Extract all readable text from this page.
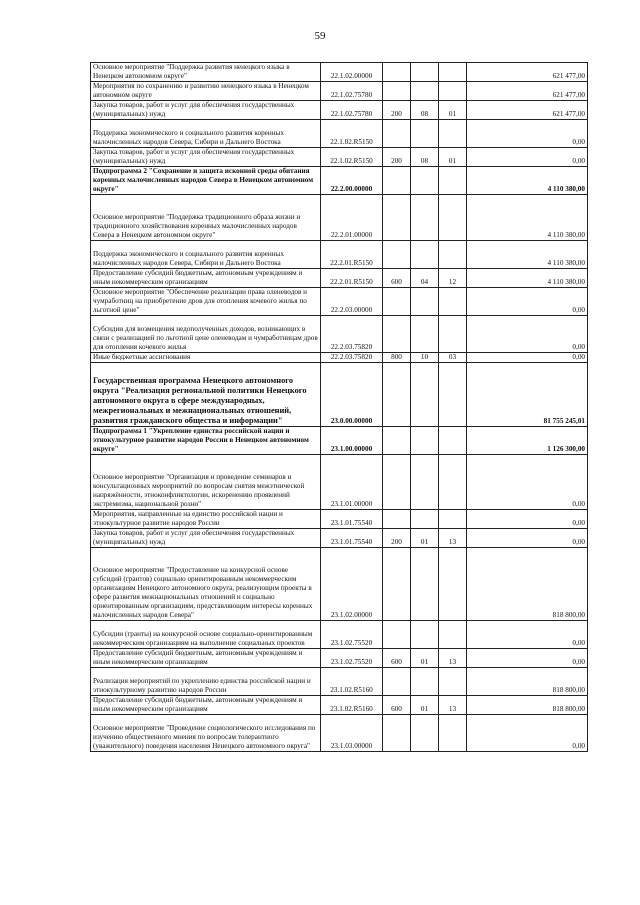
59
Основное мероприятие "Поддержка развития ненецкого языка в Ненецком автономном округе"	22.1.02.00000				621 477,00
Мероприятия по сохранению и развитию ненецкого языка в Ненецком автономном округе	22.1.02.75780				621 477,00
Закупка товаров, работ и услуг для обеспечения государственных (муниципальных) нужд	22.1.02.75780	200	08	01	621 477,00
Поддержка экономического и социального развития коренных малочисленных народов Севера, Сибири и Дальнего Востока	22.1.02.R5150				0,00
Закупка товаров, работ и услуг для обеспечения государственных (муниципальных) нужд	22.1.02.R5150	200	08	01	0,00
Подпрограмма 2 "Сохранение и защита исконной среды обитания коренных малочисленных народов Севера в Ненецком автономном округе"	22.2.00.00000				4 110 380,00
Основное мероприятие "Поддержка традиционного образа жизни и традиционного хозяйствования коренных малочисленных народов Севера в Ненецком автономном округе"	22.2.01.00000				4 110 380,00
Поддержка экономического и социального развития коренных малочисленных народов Севера, Сибири и Дальнего Востока	22.2.01.R5150				4 110 380,00
Предоставление субсидий бюджетным, автономным учреждениям и иным некоммерческим организациям	22.2.01.R5150	600	04	12	4 110 380,00
Основное мероприятие "Обеспечение реализации права оленеводов и чумработниц на приобретение дров для отопления кочевого жилья по льготной цене"	22.2.03.00000				0,00
Субсидии для возмещения недополученных доходов, возникающих в связи с реализацией по льготной цене оленеводам и чумработницам дров для отопления кочевого жилья	22.2.03.75820				0,00
Иные бюджетные ассигнования	22.2.03.75820	800	10	03	0,00
Государственная программа Ненецкого автономного округа "Реализация региональной политики Ненецкого автономного округа в сфере международных, межрегиональных и межнациональных отношений, развития гражданского общества и информации"	23.0.00.00000				81 755 245,01
Подпрограмма 1 "Укрепление единства российской нации и этнокультурное развитие народов России в Ненецком автономном округе"	23.1.00.00000				1 126 300,00
Основное мероприятие "Организация и проведение семинаров и консультационных мероприятий по вопросам снятия межэтнической напряжённости, этноконфликтологии, искоренению проявлений экстремизма, национальной розни"	23.1.01.00000				0,00
Мероприятия, направленные на единство российской нации и этнокультурное развитие народов России	23.1.01.75540				0,00
Закупка товаров, работ и услуг для обеспечения государственных (муниципальных) нужд	23.1.01.75540	200	01	13	0,00
Основное мероприятие "Предоставление на конкурсной основе субсидий (грантов) социально ориентированным некоммерческим организациям Ненецкого автономного округа, реализующим проекты в сфере развития межнациональных отношений и социально ориентированным организациям, представляющим интересы коренных малочисленных народов Севера"	23.1.02.00000				818 800,00
Субсидии (гранты) на конкурсной основе социально-ориентированным некоммерческим организациям на выполнение социальных проектов	23.1.02.75520				0,00
Предоставление субсидий бюджетным, автономным учреждениям и иным некоммерческим организациям	23.1.02.75520	600	01	13	0,00
Реализация мероприятий по укреплению единства российской нации и этнокультурному развитию народов России	23.1.02.R5160				818 800,00
Предоставление субсидий бюджетным, автономным учреждениям и иным некоммерческим организациям	23.1.02.R5160	600	01	13	818 800,00
Основное мероприятие "Проведение социологического исследования по изучению общественного мнения по вопросам толерантного (уважительного) поведения населения Ненецкого автономного округа"	23.1.03.00000				0,00
